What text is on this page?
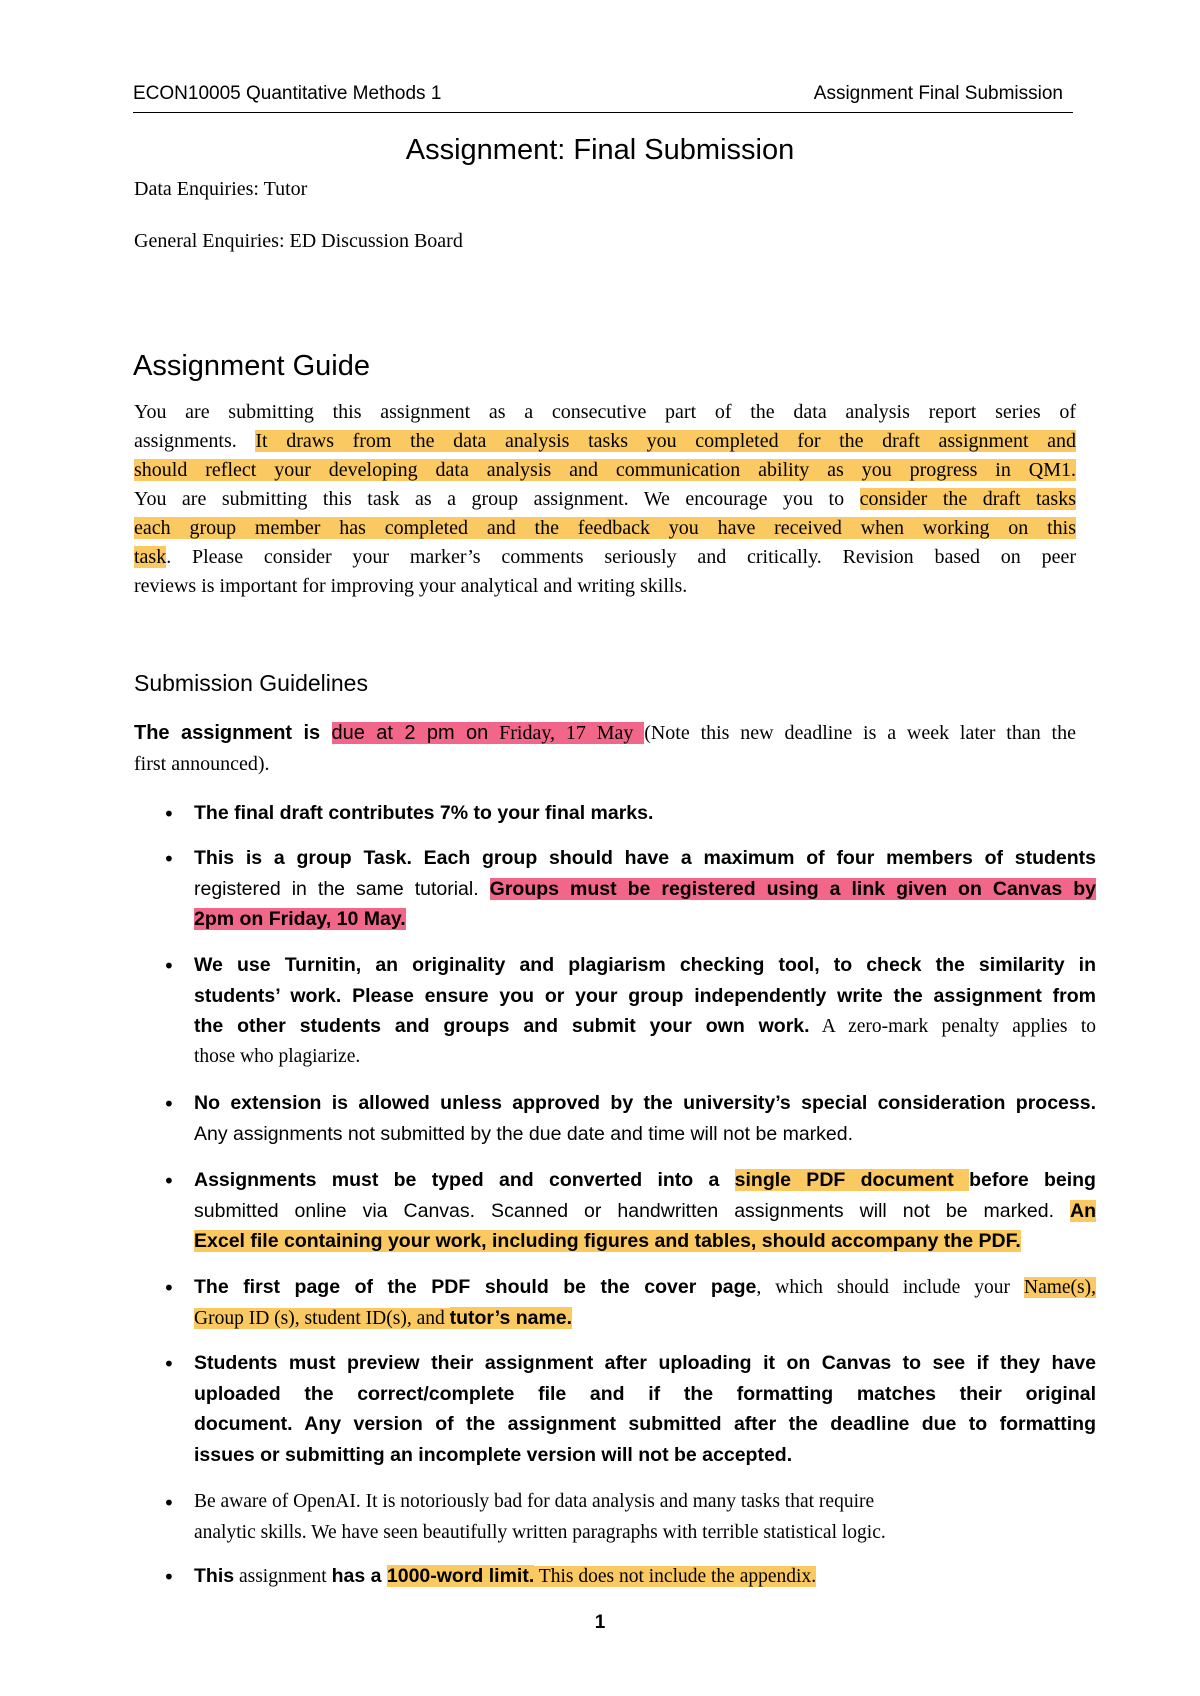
ECON10005 Quantitative Methods 1	Assignment Final Submission
Assignment: Final Submission
Data Enquiries: Tutor
General Enquiries: ED Discussion Board
Assignment Guide
You are submitting this assignment as a consecutive part of the data analysis report series of
assignments. It draws from the data analysis tasks you completed for the draft assignment and
should reflect your developing data analysis and communication ability as you progress in QM1.
You are submitting this task as a group assignment. We encourage you to consider the draft tasks
each group member has completed and the feedback you have received when working on this
task. Please consider your marker’s comments seriously and critically. Revision based on peer
reviews is important for improving your analytical and writing skills.
Submission Guidelines
The assignment is due at 2 pm on Friday, 17 May (Note this new deadline is a week later than the
first announced).
• The final draft contributes 7% to your final marks.
• This is a group Task. Each group should have a maximum of four members of students
registered in the same tutorial. Groups must be registered using a link given on Canvas by
2pm on Friday, 10 May.
• We use Turnitin, an originality and plagiarism checking tool, to check the similarity in
students’ work. Please ensure you or your group independently write the assignment from
the other students and groups and submit your own work. A zero-mark penalty applies to
those who plagiarize.
• No extension is allowed unless approved by the university’s special consideration process.
Any assignments not submitted by the due date and time will not be marked.
• Assignments must be typed and converted into a single PDF document before being
submitted online via Canvas. Scanned or handwritten assignments will not be marked. An
Excel file containing your work, including figures and tables, should accompany the PDF.
• The first page of the PDF should be the cover page, which should include your Name(s),
Group ID (s), student ID(s), and tutor’s name.
• Students must preview their assignment after uploading it on Canvas to see if they have
uploaded the correct/complete file and if the formatting matches their original
document. Any version of the assignment submitted after the deadline due to formatting
issues or submitting an incomplete version will not be accepted.
• Be aware of OpenAI. It is notoriously bad for data analysis and many tasks that require
analytic skills. We have seen beautifully written paragraphs with terrible statistical logic.
• This assignment has a 1000-word limit. This does not include the appendix.
1
